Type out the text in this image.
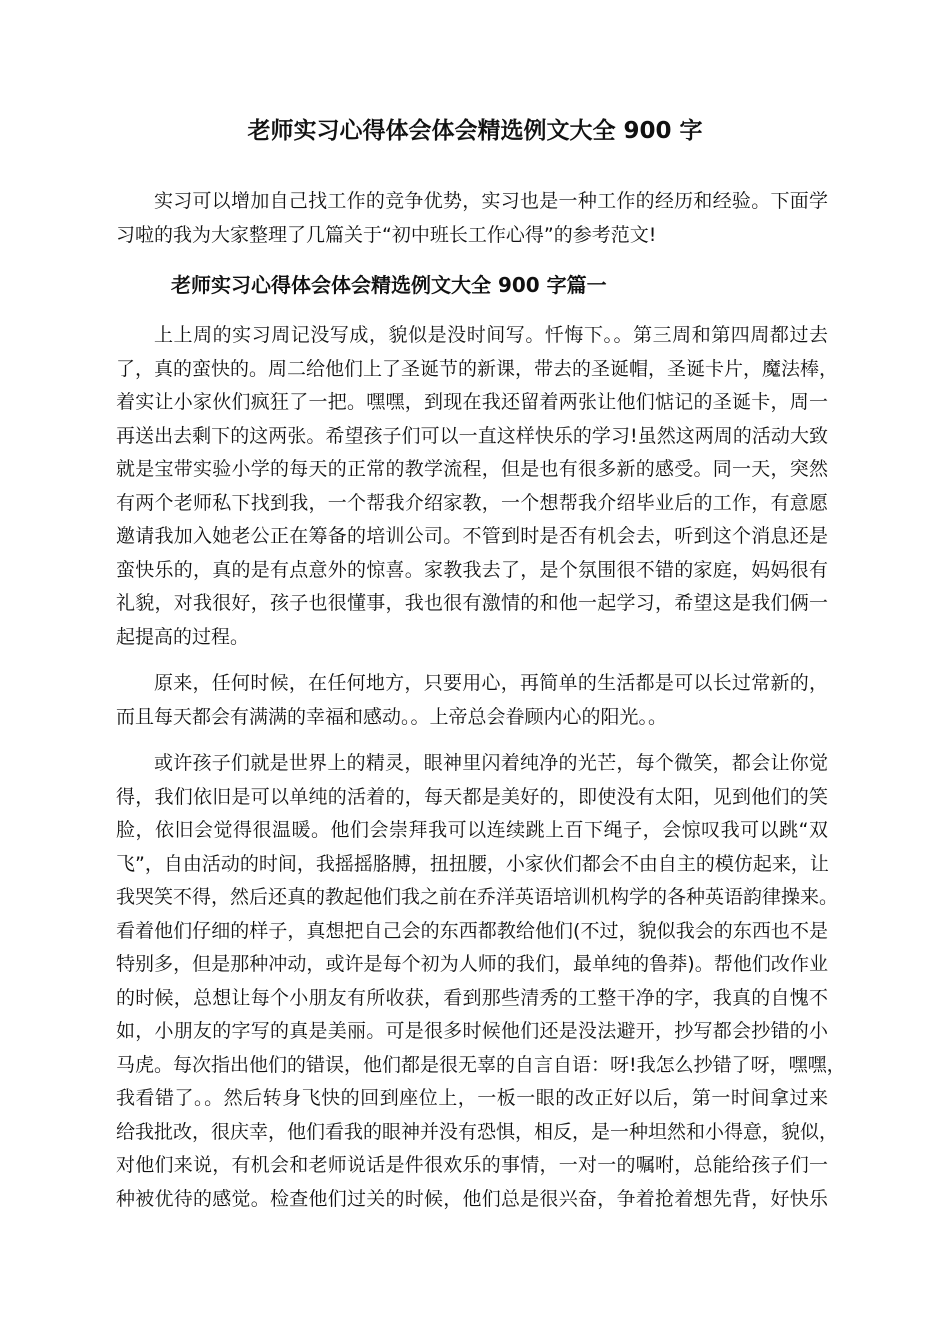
老师实习心得体会体会精选例文大全 900 字
实习可以增加自己找工作的竞争优势，实习也是一种工作的经历和经验。下面学
习啦的我为大家整理了几篇关于“初中班长工作心得”的参考范文!
老师实习心得体会体会精选例文大全 900 字篇一
上上周的实习周记没写成，貌似是没时间写。忏悔下。。第三周和第四周都过去
了，真的蛮快的。周二给他们上了圣诞节的新课，带去的圣诞帽，圣诞卡片，魔法棒，
着实让小家伙们疯狂了一把。嘿嘿，到现在我还留着两张让他们惦记的圣诞卡，周一
再送出去剩下的这两张。希望孩子们可以一直这样快乐的学习!虽然这两周的活动大致
就是宝带实验小学的每天的正常的教学流程，但是也有很多新的感受。同一天，突然
有两个老师私下找到我，一个帮我介绍家教，一个想帮我介绍毕业后的工作，有意愿
邀请我加入她老公正在筹备的培训公司。不管到时是否有机会去，听到这个消息还是
蛮快乐的，真的是有点意外的惊喜。家教我去了，是个氛围很不错的家庭，妈妈很有
礼貌，对我很好，孩子也很懂事，我也很有激情的和他一起学习，希望这是我们俩一
起提高的过程。
原来，任何时候，在任何地方，只要用心，再简单的生活都是可以长过常新的，
而且每天都会有满满的幸福和感动。。上帝总会眷顾内心的阳光。。
或许孩子们就是世界上的精灵，眼神里闪着纯净的光芒，每个微笑，都会让你觉
得，我们依旧是可以单纯的活着的，每天都是美好的，即使没有太阳，见到他们的笑
脸，依旧会觉得很温暖。他们会崇拜我可以连续跳上百下绳子，会惊叹我可以跳“双
飞”，自由活动的时间，我摇摇胳膊，扭扭腰，小家伙们都会不由自主的模仿起来，让
我哭笑不得，然后还真的教起他们我之前在乔洋英语培训机构学的各种英语韵律操来。
看着他们仔细的样子，真想把自己会的东西都教给他们(不过，貌似我会的东西也不是
特别多，但是那种冲动，或许是每个初为人师的我们，最单纯的鲁莽)。帮他们改作业
的时候，总想让每个小朋友有所收获，看到那些清秀的工整干净的字，我真的自愧不
如，小朋友的字写的真是美丽。可是很多时候他们还是没法避开，抄写都会抄错的小
马虎。每次指出他们的错误，他们都是很无辜的自言自语：呀!我怎么抄错了呀，嘿嘿，
我看错了。。然后转身飞快的回到座位上，一板一眼的改正好以后，第一时间拿过来
给我批改，很庆幸，他们看我的眼神并没有恐惧，相反，是一种坦然和小得意，貌似，
对他们来说，有机会和老师说话是件很欢乐的事情，一对一的嘱咐，总能给孩子们一
种被优待的感觉。检查他们过关的时候，他们总是很兴奋，争着抢着想先背，好快乐
